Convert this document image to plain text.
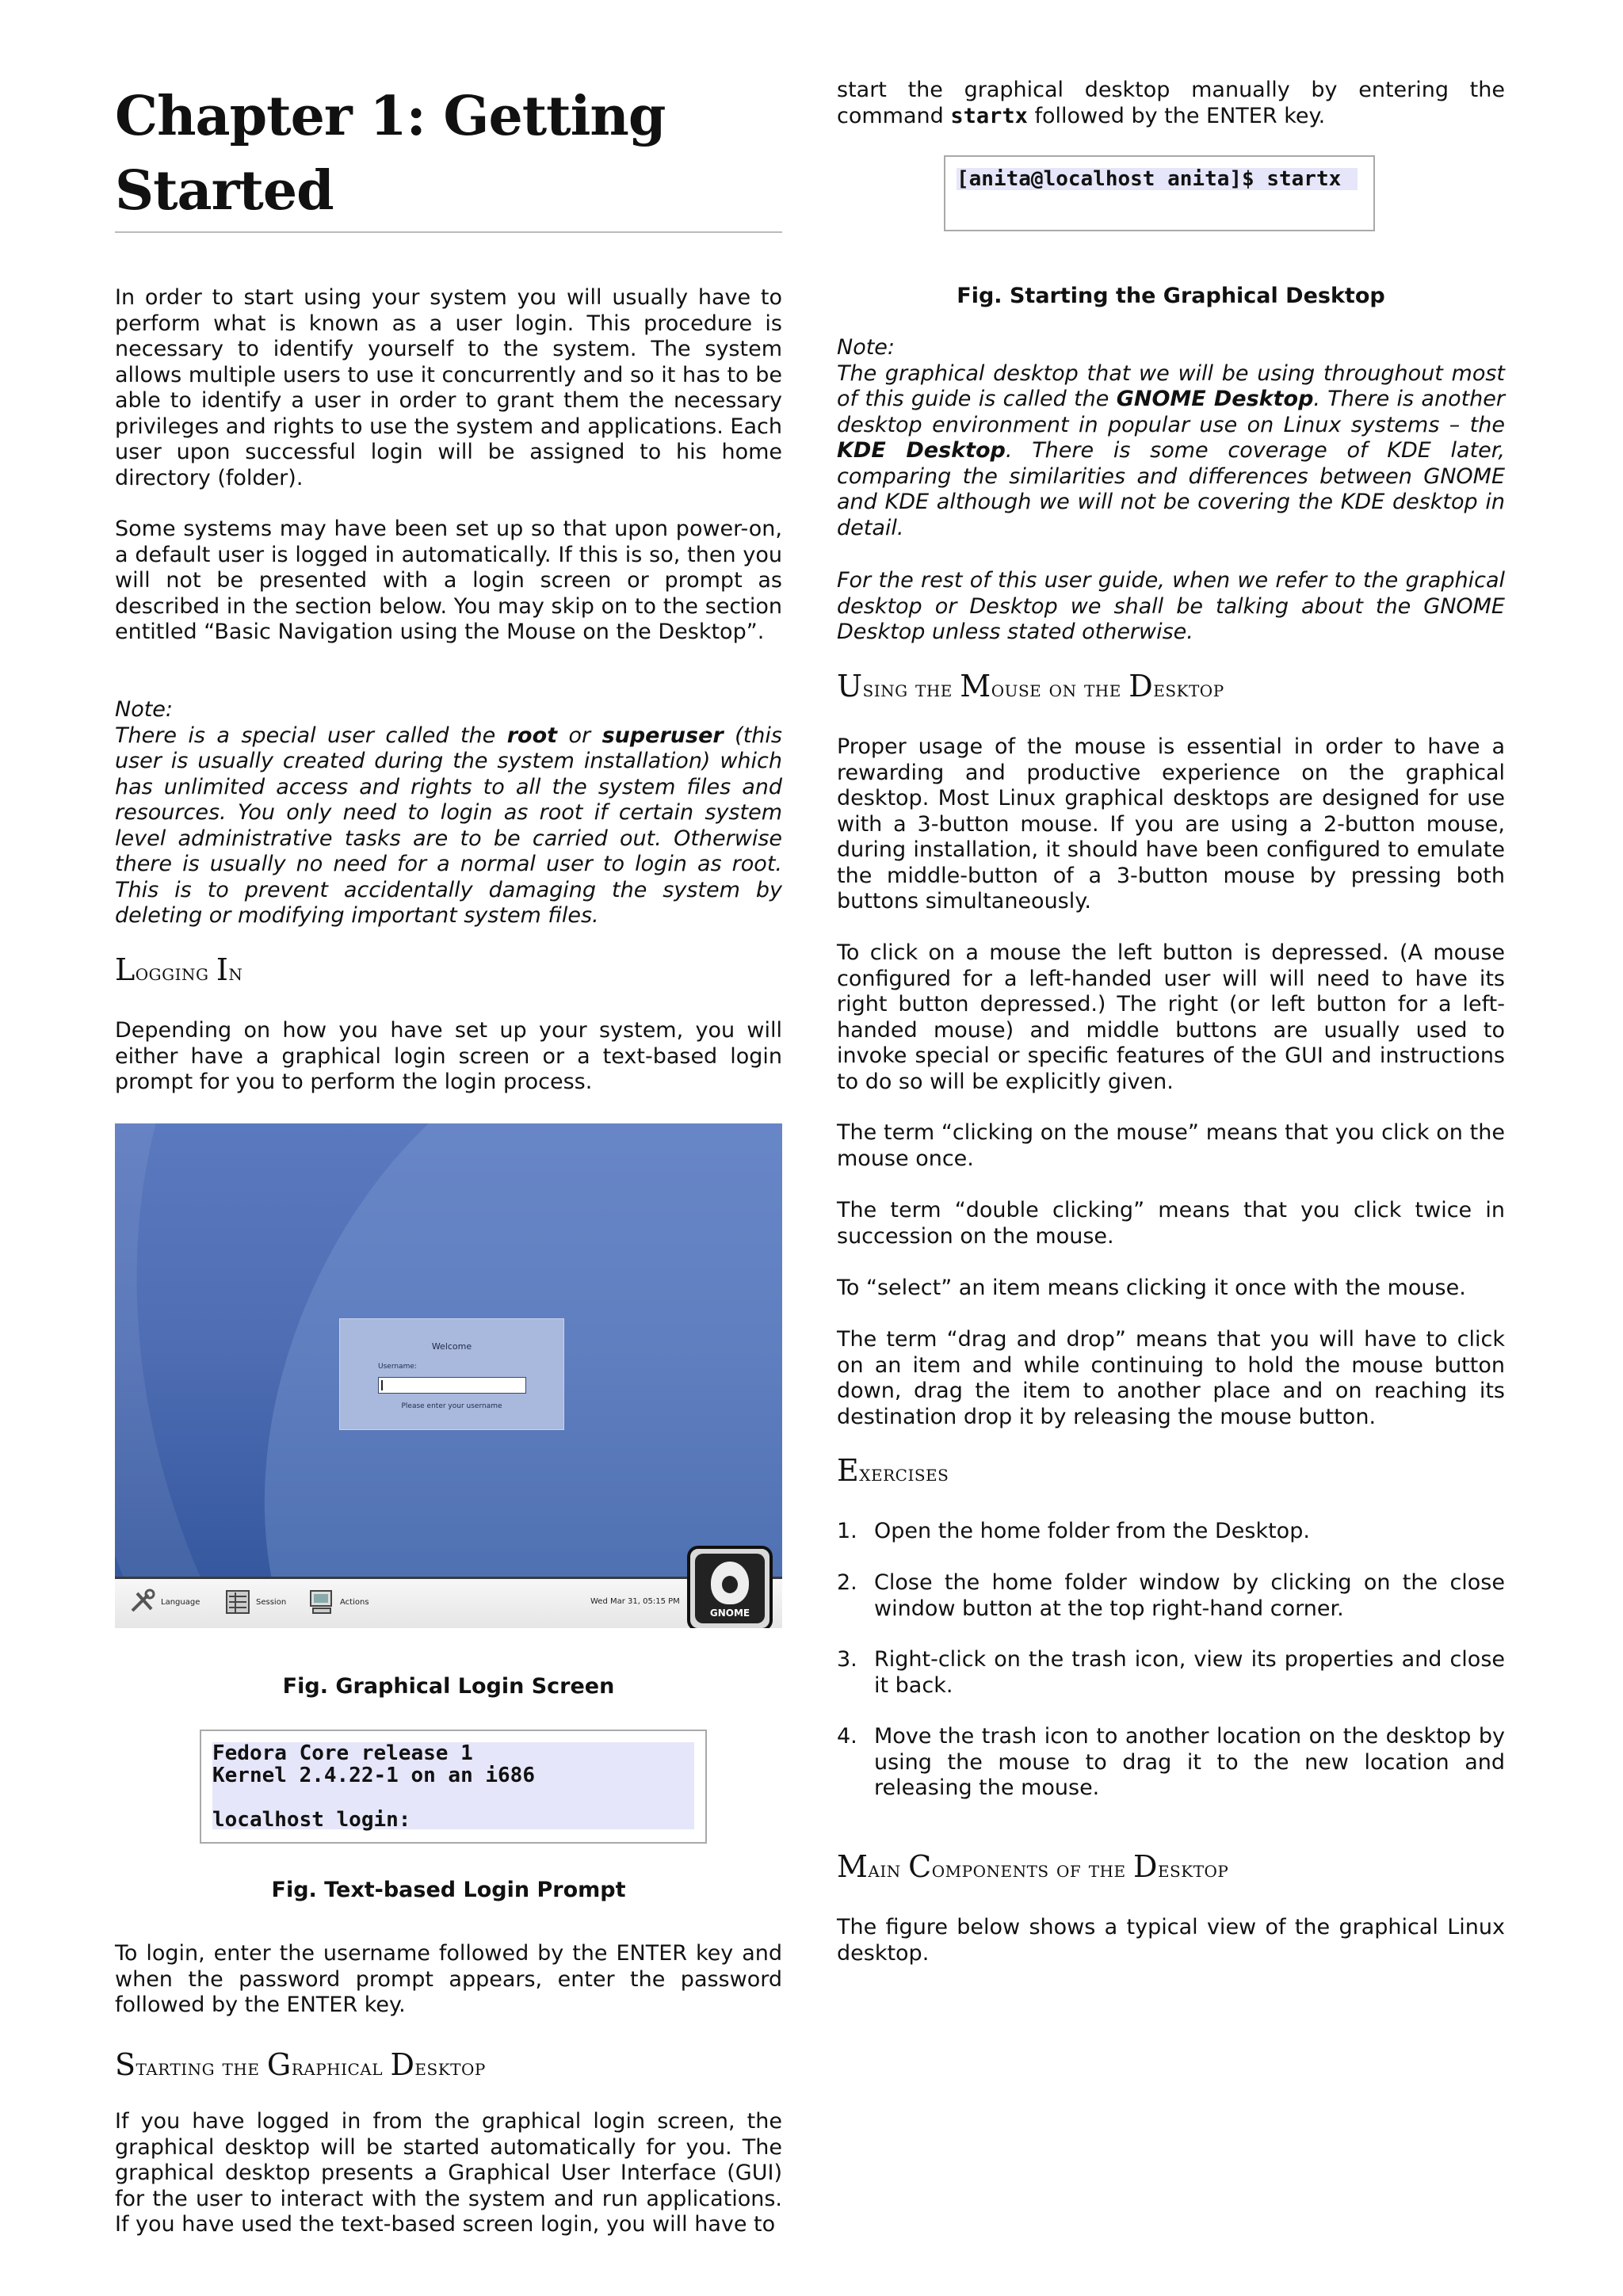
Chapter 1: Getting Started

In order to start using your system you will usually have to perform what is known as a user login. This procedure is necessary to identify yourself to the system. The system allows multiple users to use it concurrently and so it has to be able to identify a user in order to grant them the necessary privileges and rights to use the system and applications. Each user upon successful login will be assigned to his home directory (folder).

Some systems may have been set up so that upon power-on, a default user is logged in automatically. If this is so, then you will not be presented with a login screen or prompt as described in the section below. You may skip on to the section entitled “Basic Navigation using the Mouse on the Desktop”.

Note:

There is a special user called the root or superuser (this user is usually created during the system installation) which has unlimited access and rights to all the system files and resources. You only need to login as root if certain system level administrative tasks are to be carried out. Otherwise there is usually no need for a normal user to login as root. This is to prevent accidentally damaging the system by deleting or modifying important system files.

Logging In

Depending on how you have set up your system, you will either have a graphical login screen or a text-based login prompt for you to perform the login process.

Welcome
Username:
Please enter your username
Language	Session	Actions	Wed Mar 31, 05:15 PM
GNOME
Fig. Graphical Login Screen
Fedora Core release 1
Kernel 2.4.22-1 on an i686

localhost login:
Fig. Text-based Login Prompt

To login, enter the username followed by the ENTER key and when the password prompt appears, enter the password followed by the ENTER key.

Starting the Graphical Desktop

If you have logged in from the graphical login screen, the graphical desktop will be started automatically for you. The graphical desktop presents a Graphical User Interface (GUI) for the user to interact with the system and run applications. If you have used the text-based screen login, you will have to

start the graphical desktop manually by entering the command startx followed by the ENTER key.

[anita@localhost anita]$ startx
Fig. Starting the Graphical Desktop
Note:

The graphical desktop that we will be using throughout most of this guide is called the GNOME Desktop. There is another desktop environment in popular use on Linux systems – the KDE Desktop. There is some coverage of KDE later, comparing the similarities and differences between GNOME and KDE although we will not be covering the KDE desktop in detail.

For the rest of this user guide, when we refer to the graphical desktop or Desktop we shall be talking about the GNOME Desktop unless stated otherwise.

Using the Mouse on the Desktop

Proper usage of the mouse is essential in order to have a rewarding and productive experience on the graphical desktop. Most Linux graphical desktops are designed for use with a 3-button mouse. If you are using a 2-button mouse, during installation, it should have been configured to emulate the middle-button of a 3-button mouse by pressing both buttons simultaneously.

To click on a mouse the left button is depressed. (A mouse configured for a left-handed user will will need to have its right button depressed.) The right (or left button for a left-handed mouse) and middle buttons are usually used to invoke special or specific features of the GUI and instructions to do so will be explicitly given.

The term “clicking on the mouse” means that you click on the mouse once.

The term “double clicking” means that you click twice in succession on the mouse.

To “select” an item means clicking it once with the mouse.

The term “drag and drop” means that you will have to click on an item and while continuing to hold the mouse button down, drag the item to another place and on reaching its destination drop it by releasing the mouse button.

Exercises
1. Open the home folder from the Desktop.
2. Close the home folder window by clicking on the close window button at the top right-hand corner.
3. Right-click on the trash icon, view its properties and close it back.
4. Move the trash icon to another location on the desktop by using the mouse to drag it to the new location and releasing the mouse.
Main Components of the Desktop

The figure below shows a typical view of the graphical Linux desktop.
